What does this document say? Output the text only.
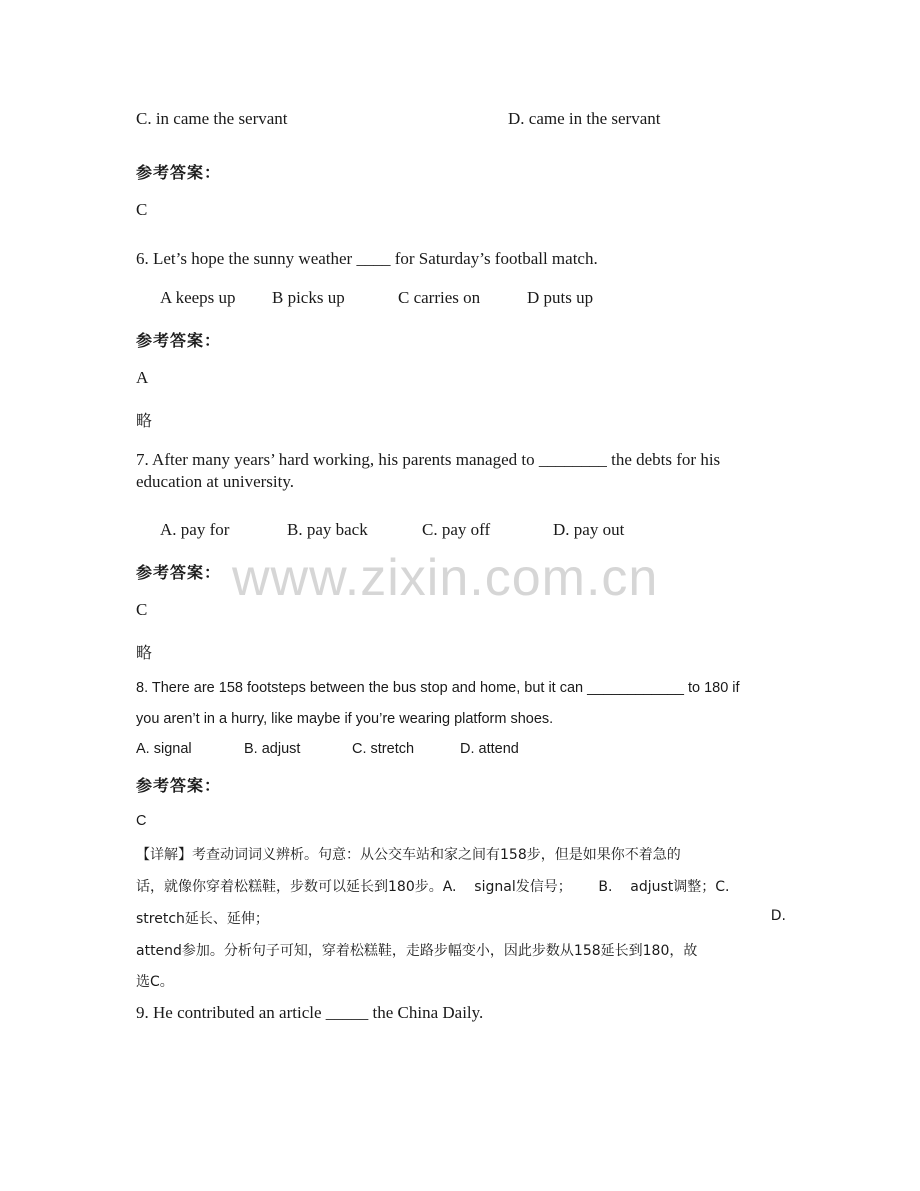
C. in came the servant	D. came in the servant
参考答案：
C
6. Let’s hope the sunny weather ____ for Saturday’s football match.
A keeps up B picks up	C carries on	D puts up
参考答案：
A
略
7. After many years’ hard working, his parents managed to ________ the debts for his
education at university.
A. pay for	B. pay back	C. pay off	D. pay out
www.zixin.com.cn
参考答案：
C
略
8. There are 158 footsteps between the bus stop and home, but it can ____________ to 180 if
you aren’t in a hurry, like maybe if you’re wearing platform shoes.
A. signal	B. adjust	C. stretch	D. attend
参考答案：
C
【详解】考查动词词义辨析。句意：从公交车站和家之间有158步，但是如果你不着急的
话，就像你穿着松糕鞋，步数可以延长到180步。A.    signal发信号；      B.    adjust调整；C.
stretch延长、延伸；	D.
attend参加。分析句子可知，穿着松糕鞋，走路步幅变小，因此步数从158延长到180，故
选C。
9. He contributed an article _____ the China Daily.
